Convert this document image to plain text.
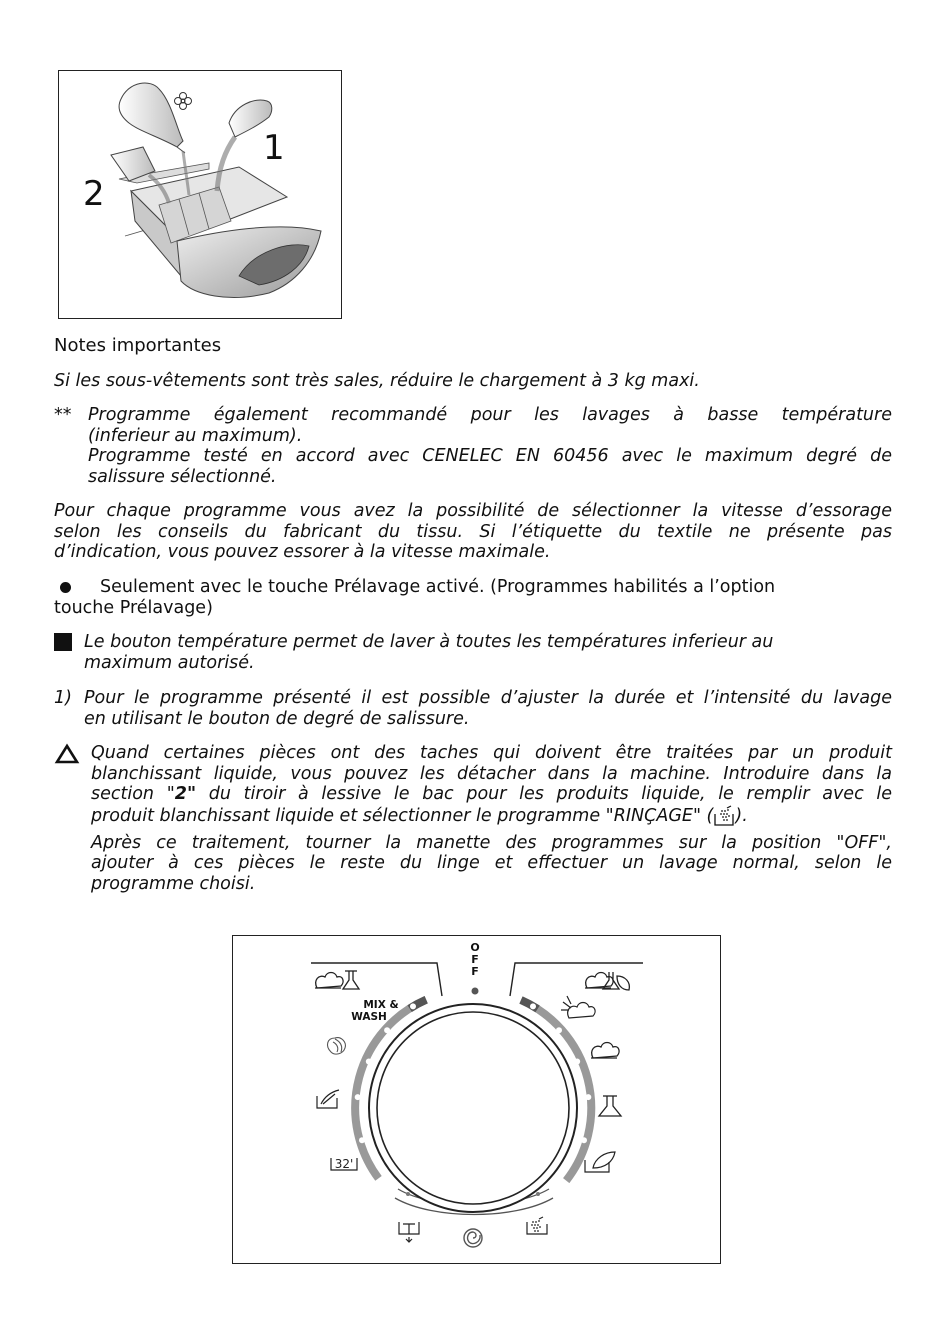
1
2
Notes importantes
Si les sous-vêtements sont très sales, réduire le chargement à 3 kg maxi.
** Programme également recommandé pour les lavages à basse température
(inferieur au maximum).
Programme testé en accord avec CENELEC EN 60456 avec le maximum degré de
salissure sélectionné.
Pour chaque programme vous avez la possibilité de sélectionner la vitesse d’essorage
selon les conseils du fabricant du tissu. Si l’étiquette du textile ne présente pas
d’indication, vous pouvez essorer à la vitesse maximale.
Seulement avec le touche Prélavage activé. (Programmes habilités a l’option
touche Prélavage)
Le bouton température permet de laver à toutes les températures inferieur au
maximum autorisé.
1) Pour le programme présenté il est possible d’ajuster la durée et l’intensité du lavage
en utilisant le bouton de degré de salissure.
Quand certaines pièces ont des taches qui doivent être traitées par un produit
blanchissant liquide, vous pouvez les détacher dans la machine. Introduire dans la
section "2" du tiroir à lessive le bac pour les produits liquide, le remplir avec le
produit blanchissant liquide et sélectionner le programme "RINÇAGE" ( ).
Après ce traitement, tourner la manette des programmes sur la position "OFF",
ajouter à ces pièces le reste du linge et effectuer un lavage normal, selon le
programme choisi.
O
F
F
MIX &
WASH
32'
